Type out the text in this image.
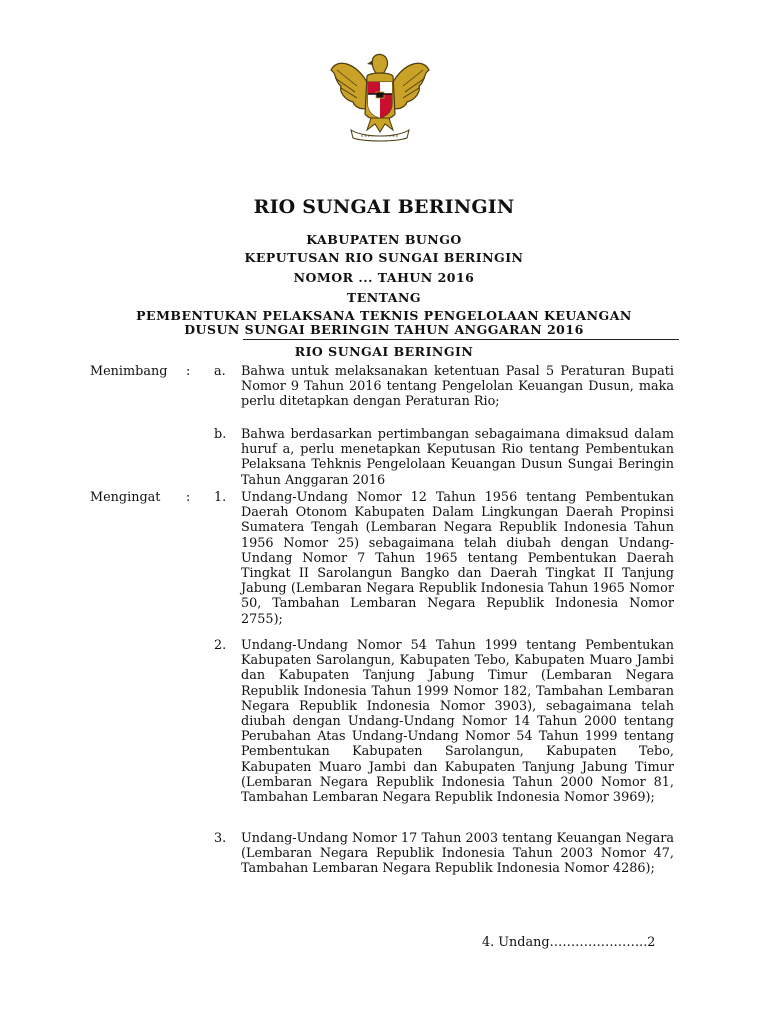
RIO SUNGAI BERINGIN
KABUPATEN BUNGO
KEPUTUSAN RIO SUNGAI BERINGIN
NOMOR ... TAHUN 2016
TENTANG
PEMBENTUKAN PELAKSANA TEKNIS PENGELOLAAN KEUANGAN
DUSUN SUNGAI BERINGIN TAHUN ANGGARAN 2016
RIO SUNGAI BERINGIN
Menimbang : a. Bahwa untuk melaksanakan ketentuan Pasal 5 Peraturan Bupati Nomor 9 Tahun 2016 tentang Pengelolan Keuangan Dusun, maka perlu ditetapkan dengan Peraturan Rio;
b. Bahwa berdasarkan pertimbangan sebagaimana dimaksud dalam huruf a, perlu menetapkan Keputusan Rio tentang Pembentukan Pelaksana Tehknis Pengelolaan Keuangan Dusun Sungai Beringin Tahun Anggaran 2016
Mengingat : 1. Undang-Undang Nomor 12 Tahun 1956 tentang Pembentukan Daerah Otonom Kabupaten Dalam Lingkungan Daerah Propinsi Sumatera Tengah (Lembaran Negara Republik Indonesia Tahun 1956 Nomor 25) sebagaimana telah diubah dengan Undang-Undang Nomor 7 Tahun 1965 tentang Pembentukan Daerah Tingkat II Sarolangun Bangko dan Daerah Tingkat II Tanjung Jabung (Lembaran Negara Republik Indonesia Tahun 1965 Nomor 50, Tambahan Lembaran Negara Republik Indonesia Nomor 2755);
2. Undang-Undang Nomor 54 Tahun 1999 tentang Pembentukan Kabupaten Sarolangun, Kabupaten Tebo, Kabupaten Muaro Jambi dan Kabupaten Tanjung Jabung Timur (Lembaran Negara Republik Indonesia Tahun 1999 Nomor 182, Tambahan Lembaran Negara Republik Indonesia Nomor 3903), sebagaimana telah diubah dengan Undang-Undang Nomor 14 Tahun 2000 tentang Perubahan Atas Undang-Undang Nomor 54 Tahun 1999 tentang Pembentukan Kabupaten Sarolangun, Kabupaten Tebo, Kabupaten Muaro Jambi dan Kabupaten Tanjung Jabung Timur (Lembaran Negara Republik Indonesia Tahun 2000 Nomor 81, Tambahan Lembaran Negara Republik Indonesia Nomor 3969);
3. Undang-Undang Nomor 17 Tahun 2003 tentang Keuangan Negara (Lembaran Negara Republik Indonesia Tahun 2003 Nomor 47, Tambahan Lembaran Negara Republik Indonesia Nomor 4286);
4. Undang…………………..2
